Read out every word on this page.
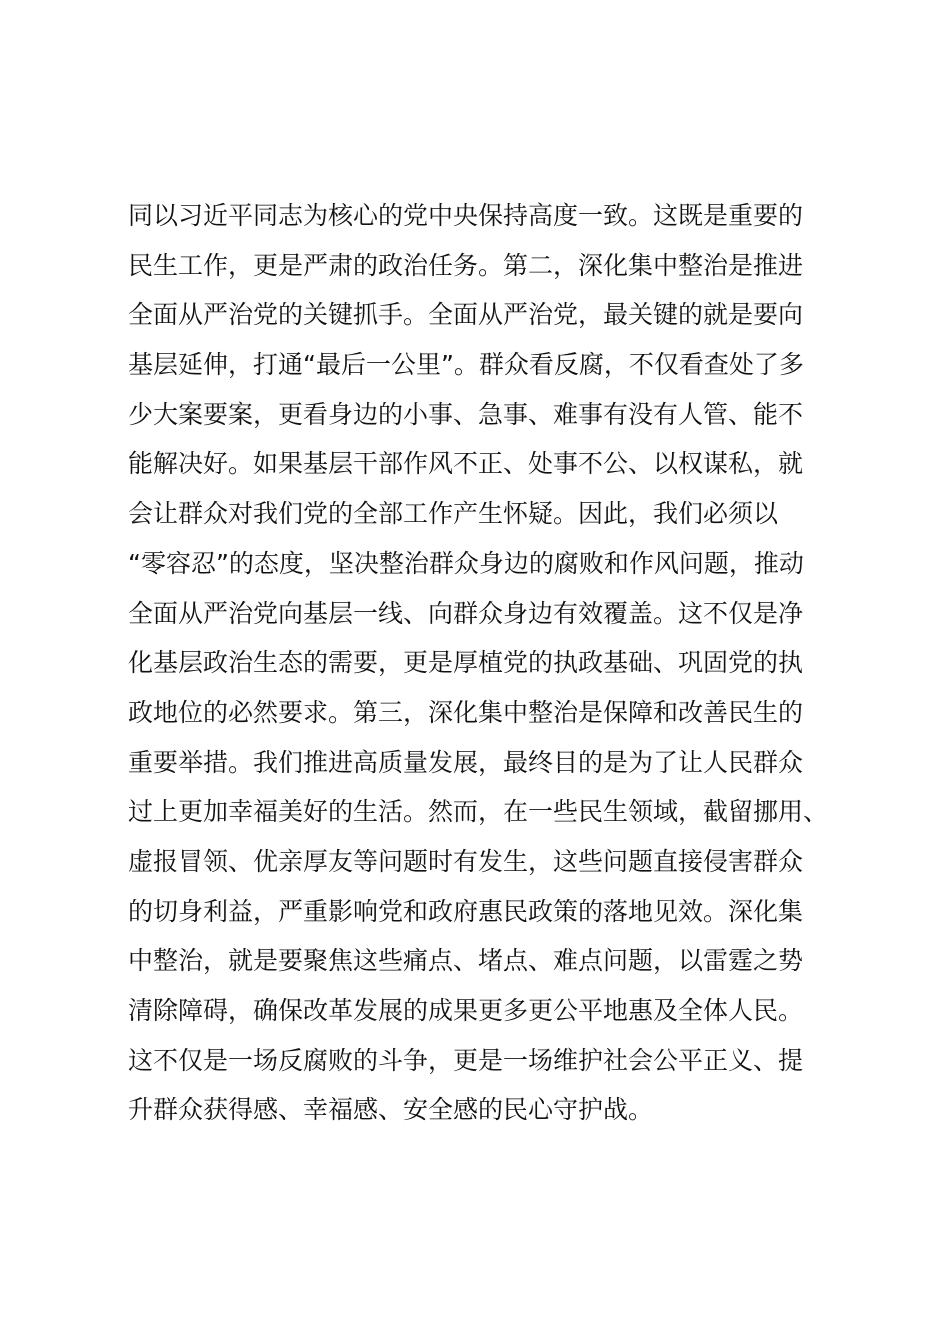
同以习近平同志为核心的党中央保持高度一致。这既是重要的
民生工作，更是严肃的政治任务。第二，深化集中整治是推进
全面从严治党的关键抓手。全面从严治党，最关键的就是要向
基层延伸，打通“最后一公里”。群众看反腐，不仅看查处了多
少大案要案，更看身边的小事、急事、难事有没有人管、能不
能解决好。如果基层干部作风不正、处事不公、以权谋私，就
会让群众对我们党的全部工作产生怀疑。因此，我们必须以
“零容忍”的态度，坚决整治群众身边的腐败和作风问题，推动
全面从严治党向基层一线、向群众身边有效覆盖。这不仅是净
化基层政治生态的需要，更是厚植党的执政基础、巩固党的执
政地位的必然要求。第三，深化集中整治是保障和改善民生的
重要举措。我们推进高质量发展，最终目的是为了让人民群众
过上更加幸福美好的生活。然而，在一些民生领域，截留挪用、
虚报冒领、优亲厚友等问题时有发生，这些问题直接侵害群众
的切身利益，严重影响党和政府惠民政策的落地见效。深化集
中整治，就是要聚焦这些痛点、堵点、难点问题，以雷霆之势
清除障碍，确保改革发展的成果更多更公平地惠及全体人民。
这不仅是一场反腐败的斗争，更是一场维护社会公平正义、提
升群众获得感、幸福感、安全感的民心守护战。
